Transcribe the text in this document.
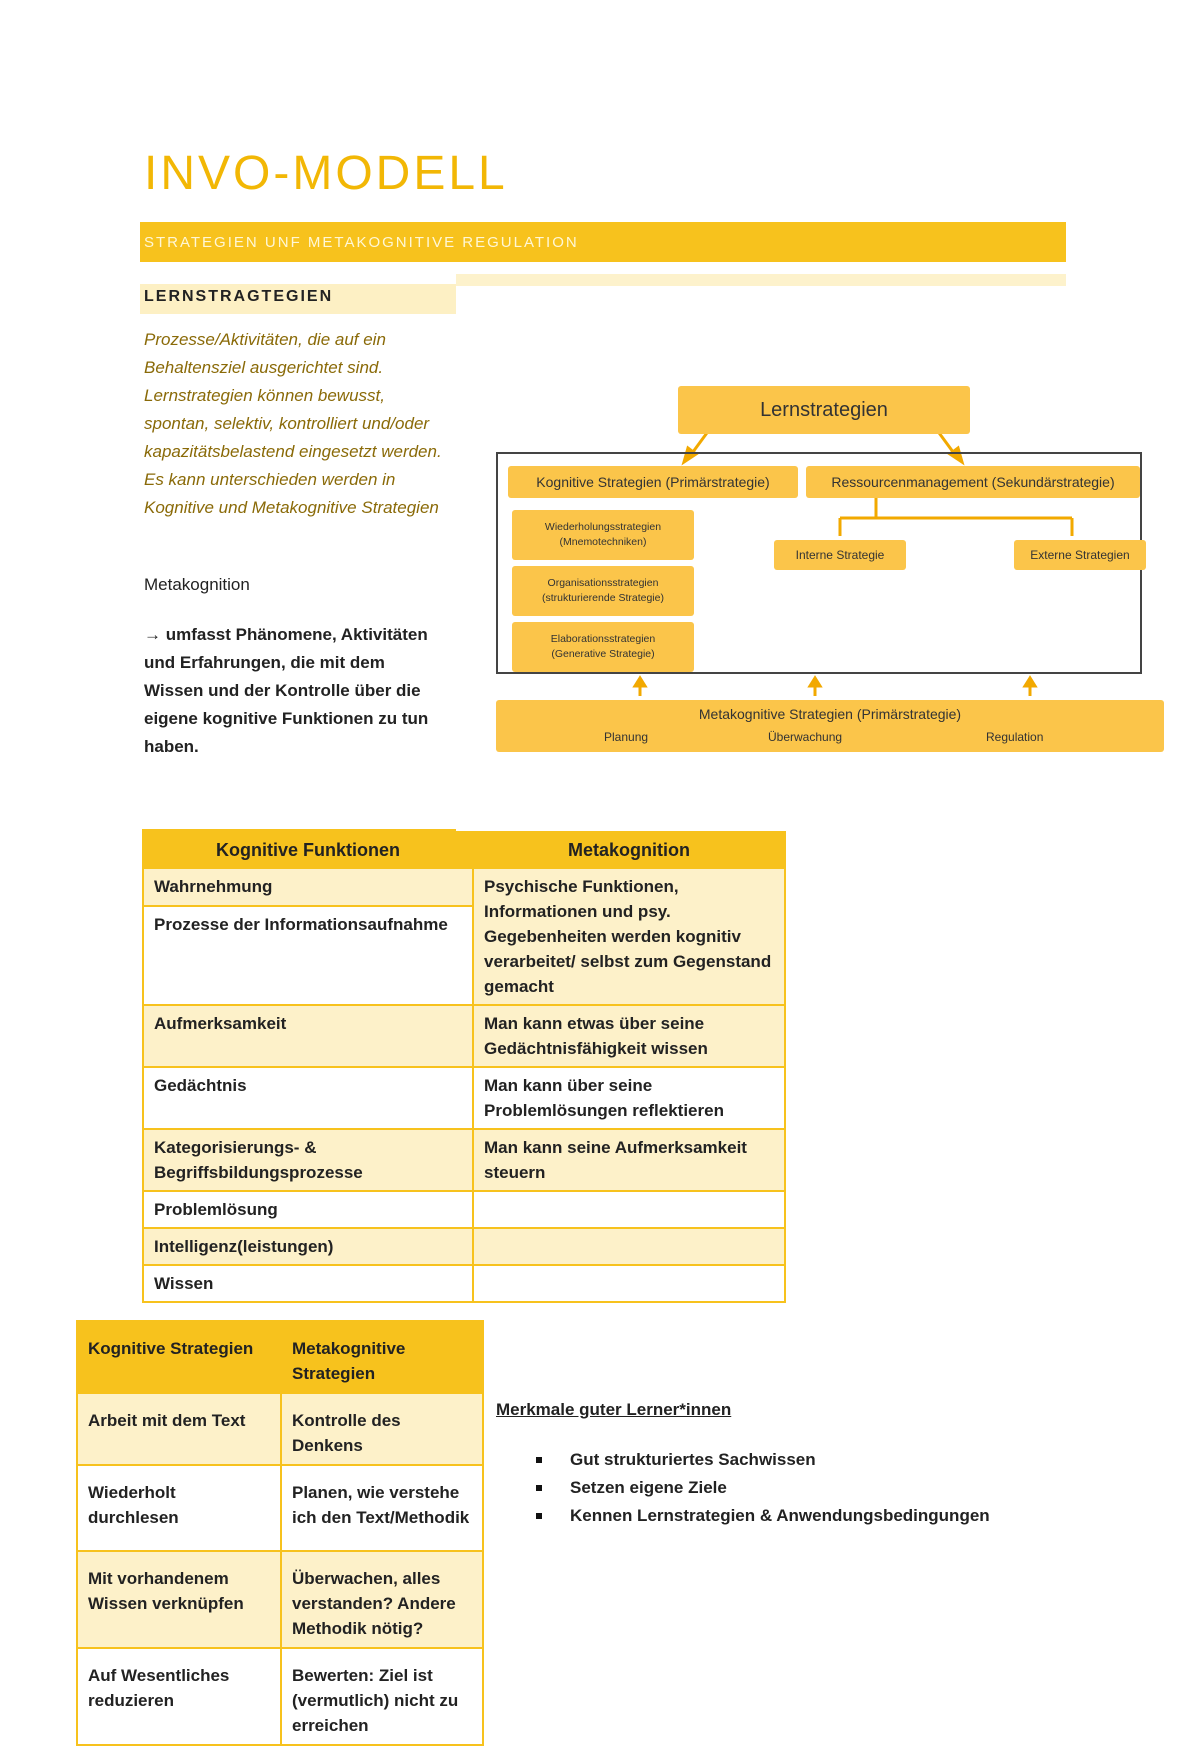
INVO-MODELL
STRATEGIEN UNF METAKOGNITIVE REGULATION
LERNSTRAGTEGIEN
Prozesse/Aktivitäten, die auf ein Behaltensziel ausgerichtet sind. Lernstrategien können bewusst, spontan, selektiv, kontrolliert und/oder kapazitätsbelastend eingesetzt werden. Es kann unterschieden werden in Kognitive und Metakognitive Strategien
Metakognition
→ umfasst Phänomene, Aktivitäten und Erfahrungen, die mit dem Wissen und der Kontrolle über die eigene kognitive Funktionen zu tun haben.
Lernstrategien
Kognitive Strategien (Primärstrategie)	Ressourcenmanagement (Sekundärstrategie)
Wiederholungsstrategien
(Mnemotechniken)
Organisationsstrategien
(strukturierende Strategie)
Elaborationsstrategien
(Generative Strategie)
Interne Strategie	Externe Strategien
Metakognitive Strategien (Primärstrategie)
Planung	Überwachung	Regulation
Kognitive Funktionen	Metakognition
Wahrnehmung	Psychische Funktionen, Informationen und psy. Gegebenheiten werden kognitiv verarbeitet/ selbst zum Gegenstand gemacht
Prozesse der Informationsaufnahme	
Aufmerksamkeit	Man kann etwas über seine Gedächtnisfähigkeit wissen
Gedächtnis	Man kann über seine Problemlösungen reflektieren
Kategorisierungs- & Begriffsbildungsprozesse	Man kann seine Aufmerksamkeit steuern
Problemlösung	
Intelligenz(leistungen)	
Wissen	
Kognitive Strategien	Metakognitive Strategien
Arbeit mit dem Text	Kontrolle des Denkens
Wiederholt durchlesen	Planen, wie verstehe ich den Text/Methodik
Mit vorhandenem Wissen verknüpfen	Überwachen, alles verstanden? Andere Methodik nötig?
Auf Wesentliches reduzieren	Bewerten: Ziel ist (vermutlich) nicht zu erreichen
Merkmale guter Lerner*innen
Gut strukturiertes Sachwissen
Setzen eigene Ziele
Kennen Lernstrategien & Anwendungsbedingungen
